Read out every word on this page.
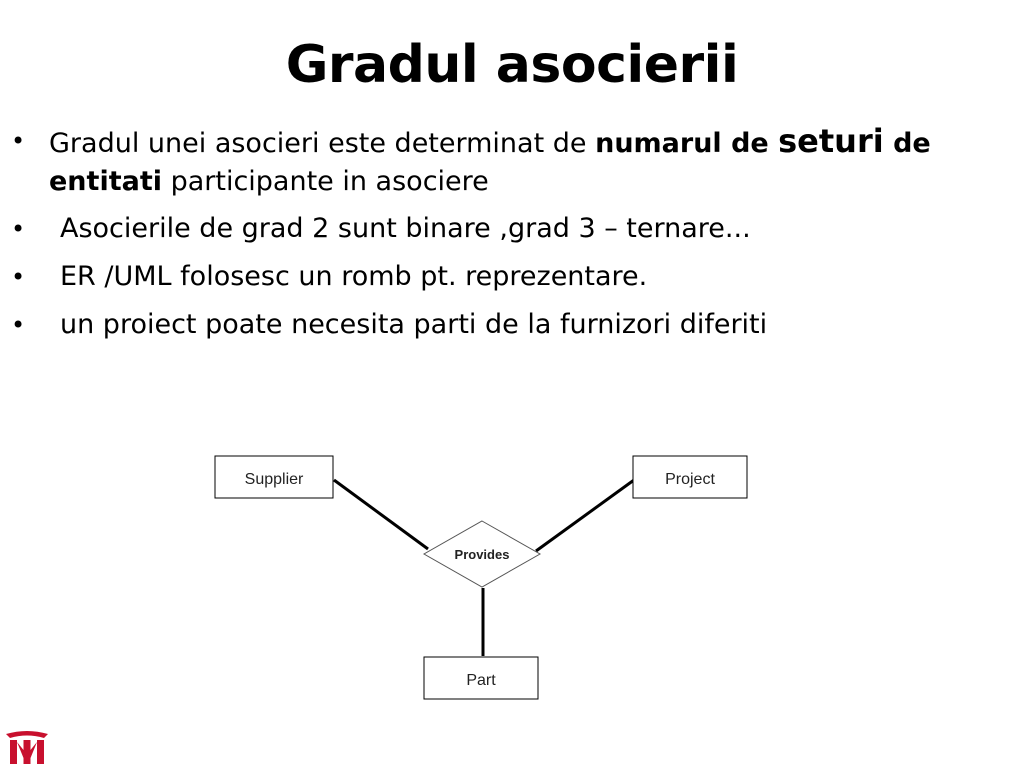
Gradul asocierii
• Gradul unei asocieri este determinat de numarul de seturi de entitati participante in asociere
• Asocierile de grad 2 sunt binare ,grad 3 – ternare...
• ER /UML folosesc un romb pt. reprezentare.
• un proiect poate necesita parti de la furnizori diferiti
Supplier	Project
Provides
Part
